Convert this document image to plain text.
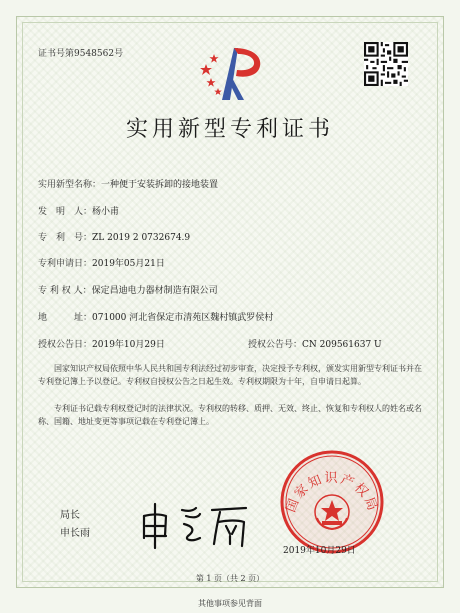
证书号第9548562号
实用新型专利证书
实用新型名称：一种便于安装拆卸的接地装置
发　明　人：杨小甫
专　利　号：ZL 2019 2 0732674.9
专利申请日：2019年05月21日
专 利 权 人：保定昌迪电力器材制造有限公司
地　　　址：071000 河北省保定市清苑区魏村镇武罗侯村
授权公告日：2019年10月29日	授权公告号：CN 209561637 U
国家知识产权局依照中华人民共和国专利法经过初步审查，决定授予专利权，颁发实用新型专利证书并在专利登记簿上予以登记。专利权自授权公告之日起生效。专利权期限为十年，自申请日起算。
专利证书记载专利权登记时的法律状况。专利权的转移、质押、无效、终止、恢复和专利权人的姓名或名称、国籍、地址变更等事项记载在专利登记簿上。
局长
申长雨
国家知识产权局
2019年10月29日
第 1 页（共 2 页）
其他事项参见背面
